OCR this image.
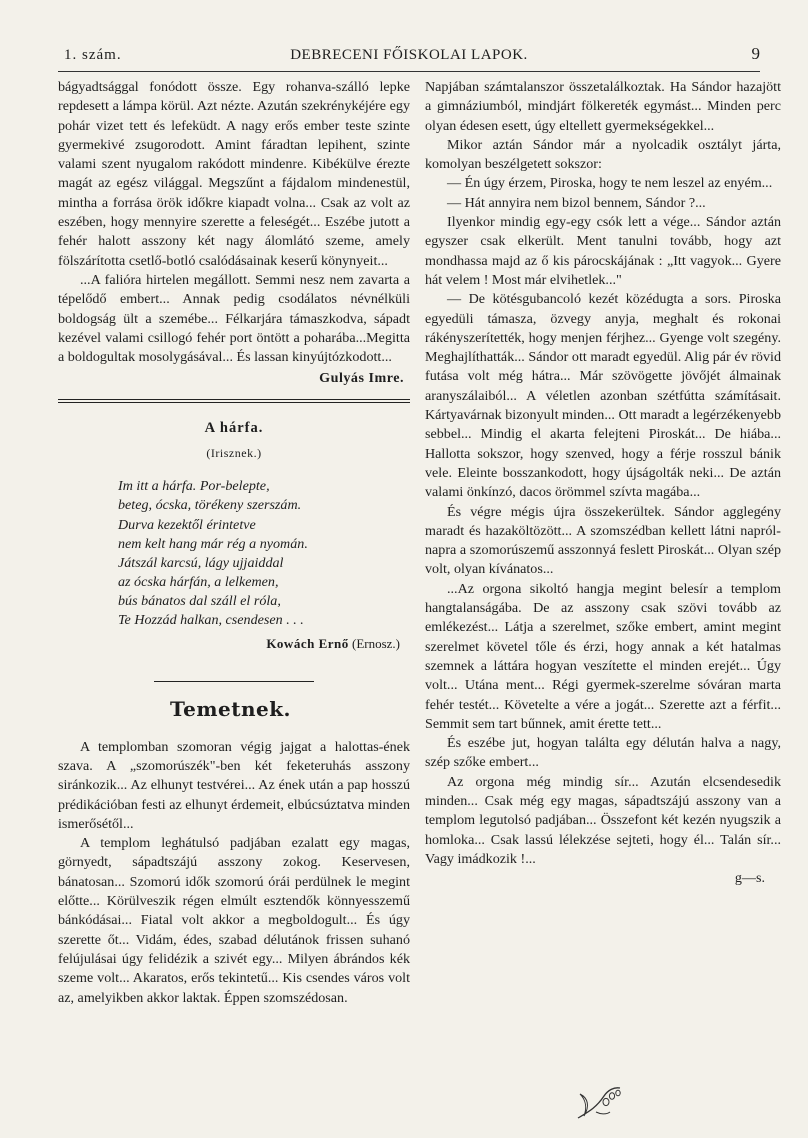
1. szám.	DEBRECENI FŐISKOLAI LAPOK.	9

bágyadtsággal fonódott össze. Egy rohanva-szálló lepke repdesett a lámpa körül. Azt nézte. Azután szekrénykéjére egy pohár vizet tett és lefeküdt. A nagy erős ember teste szinte gyermekivé zsugorodott. Amint fáradtan lepihent, szinte valami szent nyugalom rakódott mindenre. Kibékülve érezte magát az egész világgal. Megszűnt a fájdalom mindenestül, mintha a forrása örök időkre kiapadt volna... Csak az volt az eszében, hogy mennyire szerette a feleségét... Eszébe jutott a fehér halott asszony két nagy álomlátó szeme, amely fölszárította csetlő-botló csalódásainak keserű könynyeit...

...A falióra hirtelen megállott. Semmi nesz nem zavarta a tépelődő embert... Annak pedig csodálatos névnélküli boldogság ült a szemébe... Félkarjára támaszkodva, sápadt kezével valami csillogó fehér port öntött a poharába...Megitta a boldogultak mosolygásával... És lassan kinyújtózkodott...

Gulyás Imre.
A hárfa.
(Irisznek.)
Im itt a hárfa. Por-belepte,
beteg, ócska, törékeny szerszám.
Durva kezektől érintetve
nem kelt hang már rég a nyomán.
Játszál karcsú, lágy ujjaiddal
az ócska hárfán, a lelkemen,
bús bánatos dal száll el róla,
Te Hozzád halkan, csendesen . . .
Kowách Ernő (Ernosz.)
Temetnek.

A templomban szomoran végig jajgat a halottas-ének szava. A „szomorúszék"-ben két feketeruhás asszony siránkozik... Az elhunyt testvérei... Az ének után a pap hosszú prédikációban festi az elhunyt érdemeit, elbúcsúztatva minden ismerősétől...

A templom leghátulsó padjában ezalatt egy magas, görnyedt, sápadtszájú asszony zokog. Keservesen, bánatosan... Szomorú idők szomorú órái perdülnek le megint előtte... Körülveszik régen elmúlt esztendők könnyesszemű bánkódásai... Fiatal volt akkor a megboldogult... És úgy szerette őt... Vidám, édes, szabad délutánok frissen suhanó felújulásai úgy felidézik a szivét egy... Milyen ábrándos kék szeme volt... Akaratos, erős tekintetű... Kis csendes város volt az, amelyikben akkor laktak. Éppen szomszédosan.

Napjában számtalanszor összetalálkoztak. Ha Sándor hazajött a gimnáziumból, mindjárt fölkereték egymást... Minden perc olyan édesen esett, úgy eltellett gyermekségekkel...

Mikor aztán Sándor már a nyolcadik osztályt járta, komolyan beszélgetett sokszor:

— Én úgy érzem, Piroska, hogy te nem leszel az enyém...

— Hát annyira nem bizol bennem, Sándor ?...

Ilyenkor mindig egy-egy csók lett a vége... Sándor aztán egyszer csak elkerült. Ment tanulni tovább, hogy azt mondhassa majd az ő kis párocskájának : „Itt vagyok... Gyere hát velem ! Most már elvihetlek..."

— De kötésgubancoló kezét közédugta a sors. Piroska egyedüli támasza, özvegy anyja, meghalt és rokonai rákényszerítették, hogy menjen férjhez... Gyenge volt szegény. Meghajlíthatták... Sándor ott maradt egyedül. Alig pár év rövid futása volt még hátra... Már szövögette jövőjét álmainak aranyszálaiból... A véletlen azonban szétfútta számításait. Kártyavárnak bizonyult minden... Ott maradt a legérzékenyebb sebbel... Mindig el akarta felejteni Piroskát... De hiába... Hallotta sokszor, hogy szenved, hogy a férje rosszul bánik vele. Eleinte bosszankodott, hogy újságolták neki... De aztán valami önkínzó, dacos örömmel szívta magába...

És végre mégis újra összekerültek. Sándor agglegény maradt és hazaköltözött... A szomszédban kellett látni napról-napra a szomorúszemű asszonnyá feslett Piroskát... Olyan szép volt, olyan kívánatos...

...Az orgona sikoltó hangja megint belesír a templom hangtalanságába. De az asszony csak szövi tovább az emlékezést... Látja a szerelmet, szőke embert, amint megint szerelmet követel tőle és érzi, hogy annak a két hatalmas szemnek a láttára hogyan veszítette el minden erejét... Úgy volt... Utána ment... Régi gyermek-szerelme sóváran marta fehér testét... Követelte a vére a jogát... Szerette azt a férfit... Semmit sem tart bűnnek, amit érette tett...

És eszébe jut, hogyan találta egy délután halva a nagy, szép szőke embert...

Az orgona még mindig sír... Azután elcsendesedik minden... Csak még egy magas, sápadtszájú asszony van a templom legutolsó padjában... Összefont két kezén nyugszik a homloka... Csak lassú lélekzése sejteti, hogy él... Talán sír... Vagy imádkozik !...

g—s.
